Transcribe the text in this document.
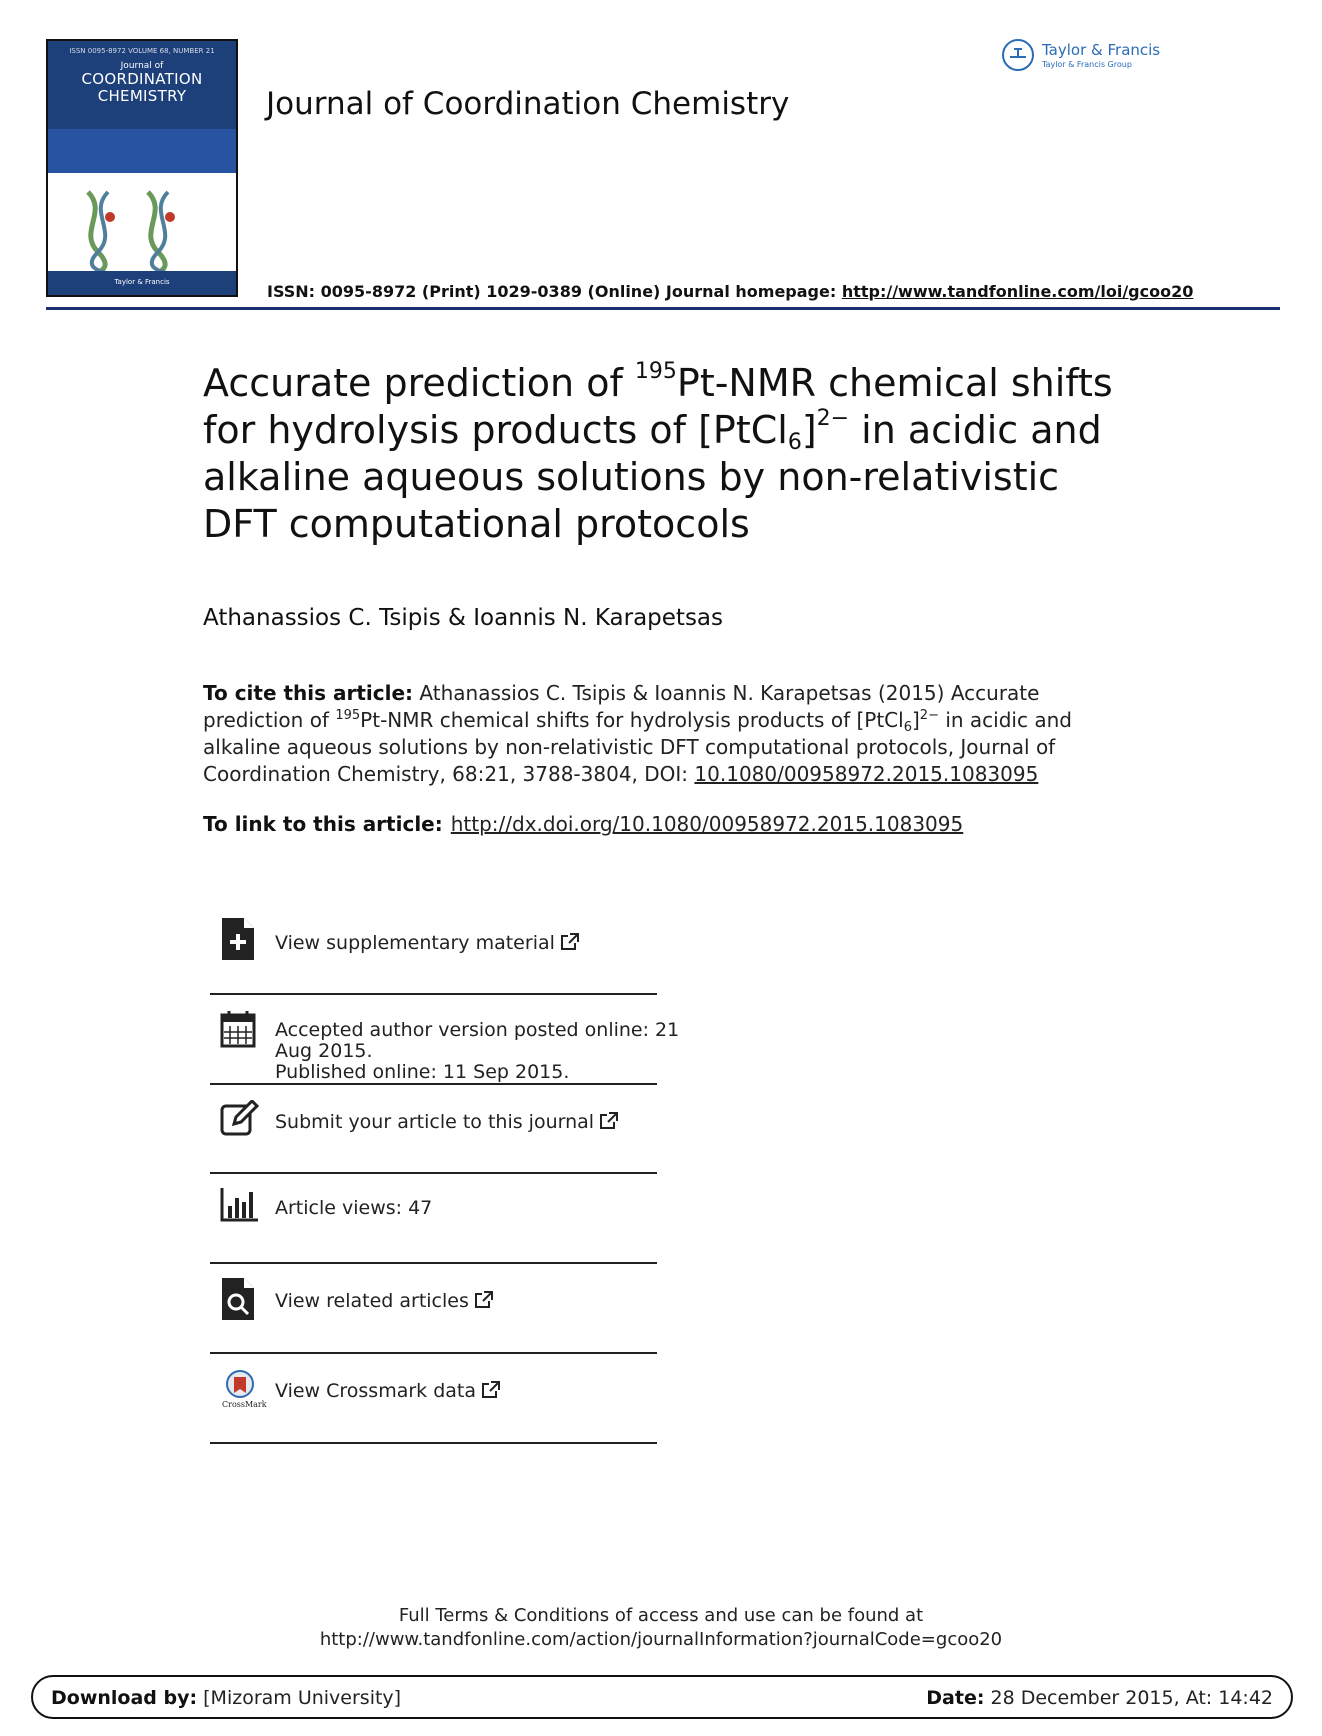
ISSN 0095-8972 VOLUME 68, NUMBER 21
Journal of
COORDINATION
CHEMISTRY
Taylor & Francis
Taylor & Francis
Taylor & Francis Group
Journal of Coordination Chemistry
ISSN: 0095-8972 (Print) 1029-0389 (Online) Journal homepage: http://www.tandfonline.com/loi/gcoo20
Accurate prediction of $^{195}$Pt-NMR chemical shifts for hydrolysis products of [PtCl$_6$]$^{2-}$ in acidic and alkaline aqueous solutions by non-relativistic DFT computational protocols
Athanassios C. Tsipis & Ioannis N. Karapetsas
To cite this article: Athanassios C. Tsipis & Ioannis N. Karapetsas (2015) Accurate prediction of $^{195}$Pt-NMR chemical shifts for hydrolysis products of [PtCl$_6$]$^{2-}$ in acidic and alkaline aqueous solutions by non-relativistic DFT computational protocols, Journal of Coordination Chemistry, 68:21, 3788-3804, DOI: 10.1080/00958972.2015.1083095
To link to this article: http://dx.doi.org/10.1080/00958972.2015.1083095
View supplementary material
Accepted author version posted online: 21
Aug 2015.
Published online: 11 Sep 2015.
Submit your article to this journal
Article views: 47
View related articles
CrossMark
View Crossmark data
Full Terms & Conditions of access and use can be found at
http://www.tandfonline.com/action/journalInformation?journalCode=gcoo20
Download by: [Mizoram University]	Date: 28 December 2015, At: 14:42
